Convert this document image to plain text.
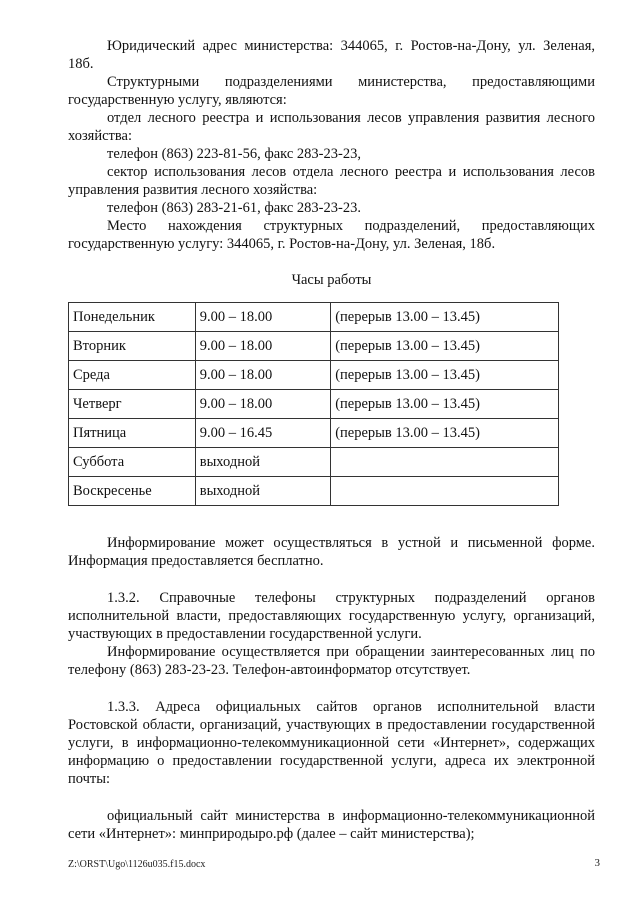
Юридический адрес министерства: 344065, г. Ростов-на-Дону, ул. Зеленая, 18б.

Структурными подразделениями министерства, предоставляющими государственную услугу, являются:

отдел лесного реестра и использования лесов управления развития лесного хозяйства:

телефон (863) 223-81-56, факс 283-23-23,

сектор использования лесов отдела лесного реестра и использования лесов управления развития лесного хозяйства:

телефон (863) 283-21-61, факс 283-23-23.

Место нахождения структурных подразделений, предоставляющих государственную услугу: 344065, г. Ростов-на-Дону, ул. Зеленая, 18б.

Часы работы

Понедельник	9.00 – 18.00	(перерыв 13.00 – 13.45)
Вторник	9.00 – 18.00	(перерыв 13.00 – 13.45)
Среда	9.00 – 18.00	(перерыв 13.00 – 13.45)
Четверг	9.00 – 18.00	(перерыв 13.00 – 13.45)
Пятница	9.00 – 16.45	(перерыв 13.00 – 13.45)
Суббота	выходной	
Воскресенье	выходной	

Информирование может осуществляться в устной и письменной форме. Информация предоставляется бесплатно.

1.3.2. Справочные телефоны структурных подразделений органов исполнительной власти, предоставляющих государственную услугу, организаций, участвующих в предоставлении государственной услуги.

Информирование осуществляется при обращении заинтересованных лиц по телефону (863) 283-23-23. Телефон-автоинформатор отсутствует.

1.3.3. Адреса официальных сайтов органов исполнительной власти Ростовской области, организаций, участвующих в предоставлении государственной услуги, в информационно-телекоммуникационной сети «Интернет», содержащих информацию о предоставлении государственной услуги, адреса их электронной почты:

официальный сайт министерства в информационно-телекоммуникационной сети «Интернет»: минприродыро.рф (далее – сайт министерства);

Z:\ORST\Ugo\1126u035.f15.docx	3
